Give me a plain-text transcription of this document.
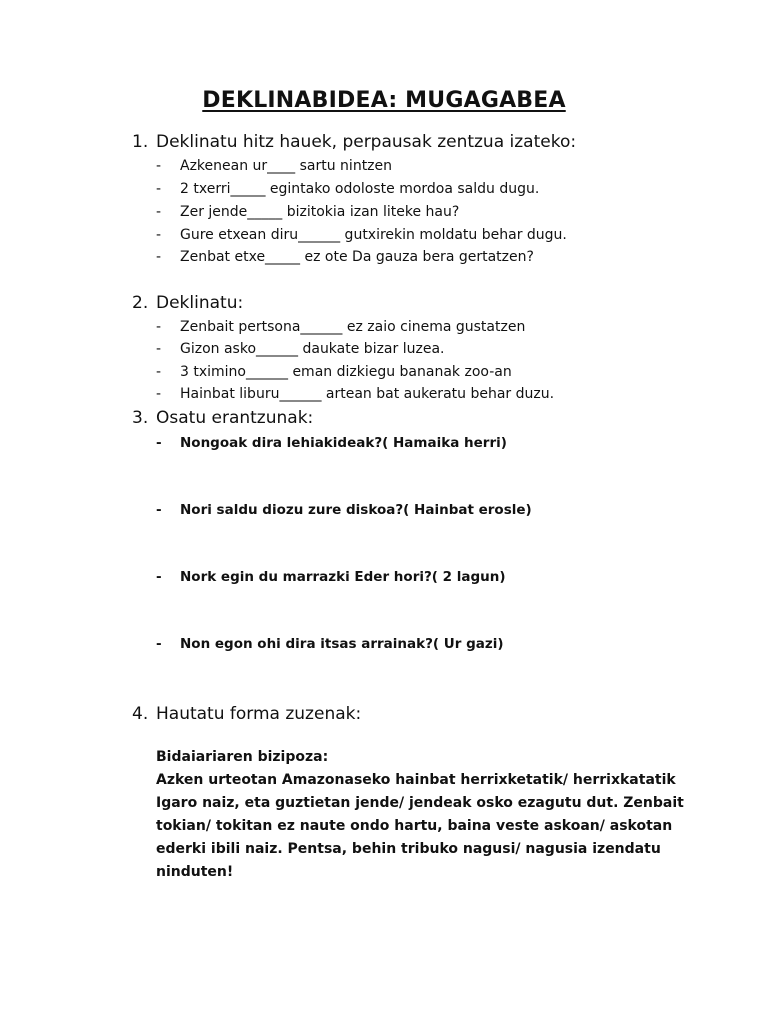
DEKLINABIDEA: MUGAGABEA
1. Deklinatu hitz hauek, perpausak zentzua izateko:
-	Azkenean ur____ sartu nintzen
-	2 txerri_____ egintako odoloste mordoa saldu dugu.
-	Zer jende_____ bizitokia izan liteke hau?
-	Gure etxean diru______ gutxirekin moldatu behar dugu.
-	Zenbat etxe_____ ez ote Da gauza bera gertatzen?
2. Deklinatu:
-	Zenbait pertsona______ ez zaio cinema gustatzen
-	Gizon asko______ daukate bizar luzea.
-	3 tximino______ eman dizkiegu bananak zoo-an
-	Hainbat liburu______ artean bat aukeratu behar duzu.
3. Osatu erantzunak:
-	Nongoak dira lehiakideak?( Hamaika herri)
-	Nori saldu diozu zure diskoa?( Hainbat erosle)
-	Nork egin du marrazki Eder hori?( 2 lagun)
-	Non egon ohi dira itsas arrainak?( Ur gazi)
4. Hautatu forma zuzenak:
Bidaiariaren bizipoza:
Azken urteotan Amazonaseko hainbat herrixketatik/ herrixkatatik
Igaro naiz, eta guztietan jende/ jendeak osko ezagutu dut. Zenbait
tokian/ tokitan ez naute ondo hartu, baina veste askoan/ askotan
ederki ibili naiz. Pentsa, behin tribuko nagusi/ nagusia izendatu
ninduten!
